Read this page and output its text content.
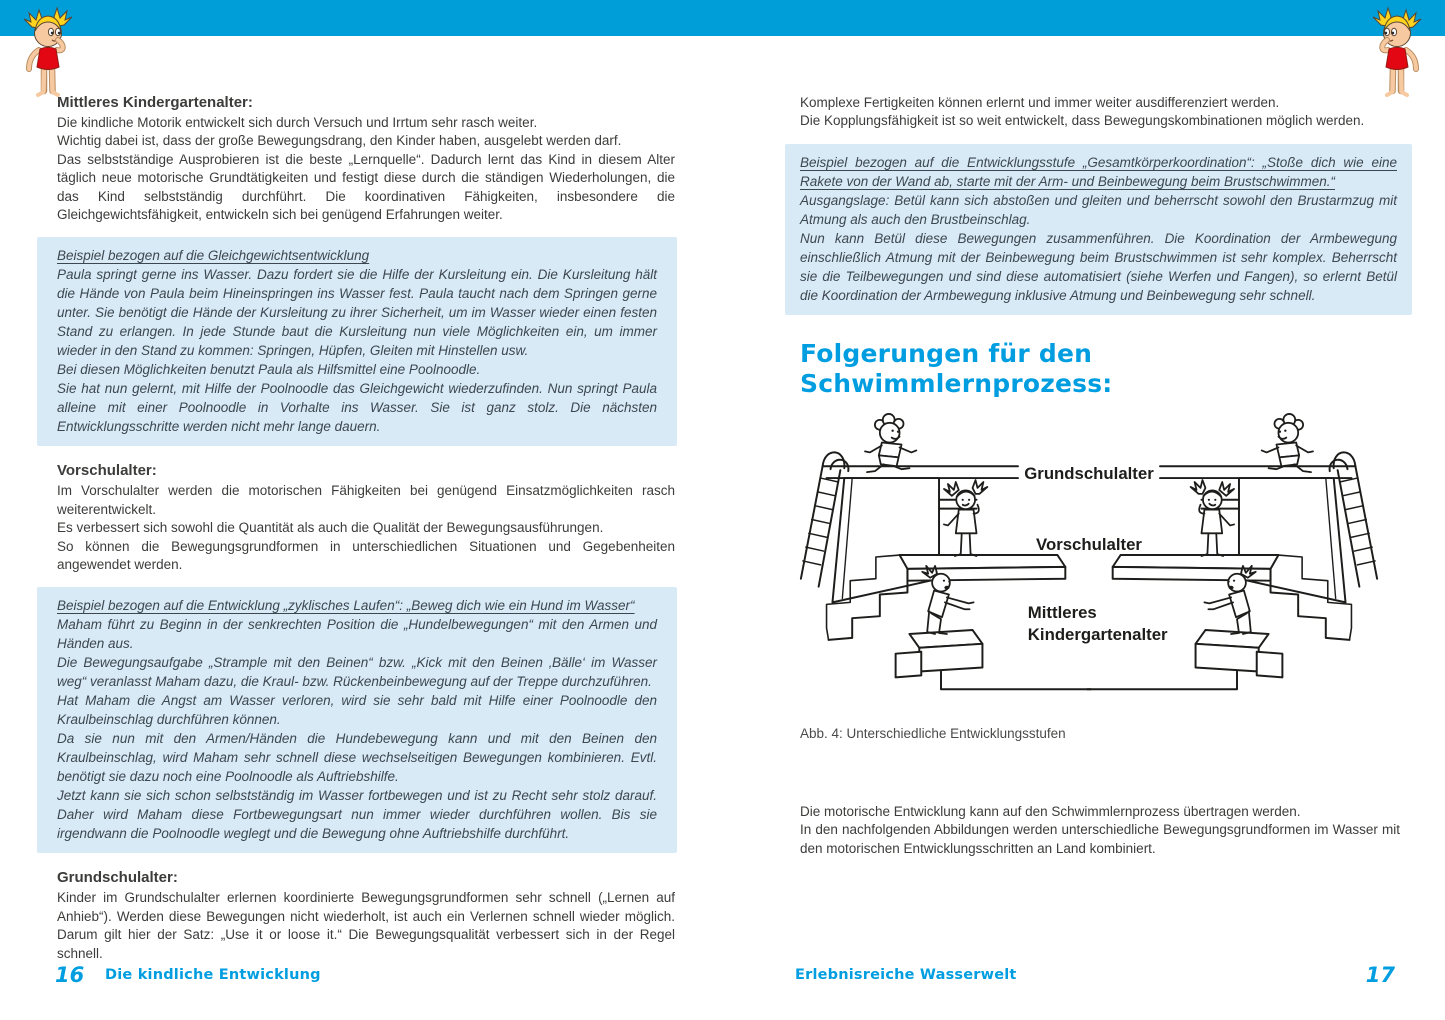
Mittleres Kindergartenalter:
Die kindliche Motorik entwickelt sich durch Versuch und Irrtum sehr rasch weiter.
Wichtig dabei ist, dass der große Bewegungsdrang, den Kinder haben, ausgelebt werden darf.
Das selbstständige Ausprobieren ist die beste „Lernquelle“. Dadurch lernt das Kind in diesem Alter täglich neue motorische Grundtätigkeiten und festigt diese durch die ständigen Wiederholungen, die das Kind selbstständig durchführt. Die koordinativen Fähigkeiten, insbesondere die Gleichgewichtsfähigkeit, entwickeln sich bei genügend Erfahrungen weiter.
Beispiel bezogen auf die Gleichgewichtsentwicklung
Paula springt gerne ins Wasser. Dazu fordert sie die Hilfe der Kursleitung ein. Die Kursleitung hält die Hände von Paula beim Hineinspringen ins Wasser fest. Paula taucht nach dem Springen gerne unter. Sie benötigt die Hände der Kursleitung zu ihrer Sicherheit, um im Wasser wieder einen festen Stand zu erlangen. In jede Stunde baut die Kursleitung nun viele Möglichkeiten ein, um immer wieder in den Stand zu kommen: Springen, Hüpfen, Gleiten mit Hinstellen usw.
Bei diesen Möglichkeiten benutzt Paula als Hilfsmittel eine Poolnoodle.
Sie hat nun gelernt, mit Hilfe der Poolnoodle das Gleichgewicht wiederzufinden. Nun springt Paula alleine mit einer Poolnoodle in Vorhalte ins Wasser. Sie ist ganz stolz. Die nächsten Entwicklungsschritte werden nicht mehr lange dauern.
Vorschulalter:
Im Vorschulalter werden die motorischen Fähigkeiten bei genügend Einsatzmöglichkeiten rasch weiterentwickelt.
Es verbessert sich sowohl die Quantität als auch die Qualität der Bewegungsausführungen.
So können die Bewegungsgrundformen in unterschiedlichen Situationen und Gegebenheiten angewendet werden.
Beispiel bezogen auf die Entwicklung „zyklisches Laufen“: „Beweg dich wie ein Hund im Wasser“
Maham führt zu Beginn in der senkrechten Position die „Hundelbewegungen“ mit den Armen und Händen aus.
Die Bewegungsaufgabe „Strample mit den Beinen“ bzw. „Kick mit den Beinen ‚Bälle‘ im Wasser weg“ veranlasst Maham dazu, die Kraul- bzw. Rückenbeinbewegung auf der Treppe durchzuführen.
Hat Maham die Angst am Wasser verloren, wird sie sehr bald mit Hilfe einer Poolnoodle den Kraulbeinschlag durchführen können.
Da sie nun mit den Armen/Händen die Hundebewegung kann und mit den Beinen den Kraulbeinschlag, wird Maham sehr schnell diese wechselseitigen Bewegungen kombinieren. Evtl. benötigt sie dazu noch eine Poolnoodle als Auftriebshilfe.
Jetzt kann sie sich schon selbstständig im Wasser fortbewegen und ist zu Recht sehr stolz darauf. Daher wird Maham diese Fortbewegungsart nun immer wieder durchführen wollen. Bis sie irgendwann die Poolnoodle weglegt und die Bewegung ohne Auftriebshilfe durchführt.
Grundschulalter:
Kinder im Grundschulalter erlernen koordinierte Bewegungsgrundformen sehr schnell („Lernen auf Anhieb“). Werden diese Bewegungen nicht wiederholt, ist auch ein Verlernen schnell wieder möglich. Darum gilt hier der Satz: „Use it or loose it.“ Die Bewegungsqualität verbessert sich in der Regel schnell.
Komplexe Fertigkeiten können erlernt und immer weiter ausdifferenziert werden.
Die Kopplungsfähigkeit ist so weit entwickelt, dass Bewegungskombinationen möglich werden.
Beispiel bezogen auf die Entwicklungsstufe „Gesamtkörperkoordination“: „Stoße dich wie eine Rakete von der Wand ab, starte mit der Arm- und Beinbewegung beim Brustschwimmen.“
Ausgangslage: Betül kann sich abstoßen und gleiten und beherrscht sowohl den Brustarmzug mit Atmung als auch den Brustbeinschlag.
Nun kann Betül diese Bewegungen zusammenführen. Die Koordination der Armbewegung einschließlich Atmung mit der Beinbewegung beim Brustschwimmen ist sehr komplex. Beherrscht sie die Teilbewegungen und sind diese automatisiert (siehe Werfen und Fangen), so erlernt Betül die Koordination der Armbewegung inklusive Atmung und Beinbewegung sehr schnell.
Folgerungen für den Schwimmlernprozess:
Grundschulalter
Vorschulalter
Mittleres
Kindergartenalter
Abb. 4: Unterschiedliche Entwicklungsstufen
Die motorische Entwicklung kann auf den Schwimmlernprozess übertragen werden.
In den nachfolgenden Abbildungen werden unterschiedliche Bewegungsgrundformen im Wasser mit den motorischen Entwicklungsschritten an Land kombiniert.
16 Die kindliche Entwicklung	Erlebnisreiche Wasserwelt	17
